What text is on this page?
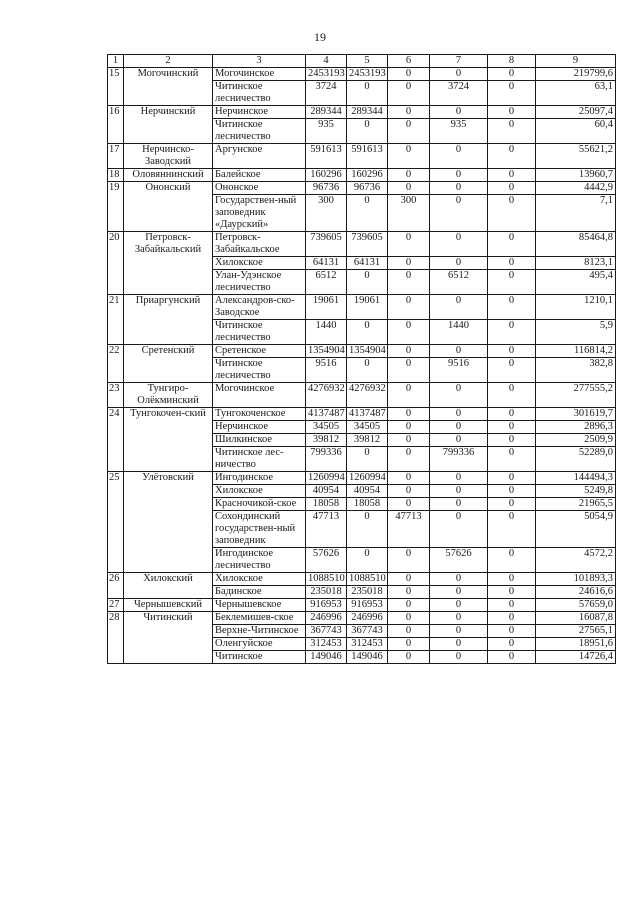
19
1	2	3	4	5	6	7	8	9
15	Могочинский	Могочинское	2453193	2453193	0	0	0	219799,6
		Читинское лесничество	3724	0	0	3724	0	63,1
16	Нерчинский	Нерчинское	289344	289344	0	0	0	25097,4
		Читинское лесничество	935	0	0	935	0	60,4
17	Нерчинско-Заводский	Аргунское	591613	591613	0	0	0	55621,2
18	Оловяннинский	Балейское	160296	160296	0	0	0	13960,7
19	Ононский	Ононское	96736	96736	0	0	0	4442,9
		Государствен-ный заповедник «Даурский»	300	0	300	0	0	7,1
20	Петровск-Забайкальский	Петровск-Забайкальское	739605	739605	0	0	0	85464,8
		Хилокское	64131	64131	0	0	0	8123,1
		Улан-Удэнское лесничество	6512	0	0	6512	0	495,4
21	Приаргунский	Александров-ско-Заводское	19061	19061	0	0	0	1210,1
		Читинское лесничество	1440	0	0	1440	0	5,9
22	Сретенский	Сретенское	1354904	1354904	0	0	0	116814,2
		Читинское лесничество	9516	0	0	9516	0	382,8
23	Тунгиро-Олёкминский	Могочинское	4276932	4276932	0	0	0	277555,2
24	Тунгокочен-ский	Тунгокоченское	4137487	4137487	0	0	0	301619,7
		Нерчинское	34505	34505	0	0	0	2896,3
		Шилкинское	39812	39812	0	0	0	2509,9
		Читинское лес-ничество	799336	0	0	799336	0	52289,0
25	Улётовский	Ингодинское	1260994	1260994	0	0	0	144494,3
		Хилокское	40954	40954	0	0	0	5249,8
		Красночикой-ское	18058	18058	0	0	0	21965,5
		Сохондинский государствен-ный заповедник	47713	0	47713	0	0	5054,9
		Ингодинское лесничество	57626	0	0	57626	0	4572,2
26	Хилокский	Хилокское	1088510	1088510	0	0	0	101893,3
		Бадинское	235018	235018	0	0	0	24616,6
27	Чернышевский	Чернышевское	916953	916953	0	0	0	57659,0
28	Читинский	Беклемишев-ское	246996	246996	0	0	0	16087,8
		Верхне-Читинское	367743	367743	0	0	0	27565,1
		Оленгуйское	312453	312453	0	0	0	18951,6
		Читинское	149046	149046	0	0	0	14726,4
